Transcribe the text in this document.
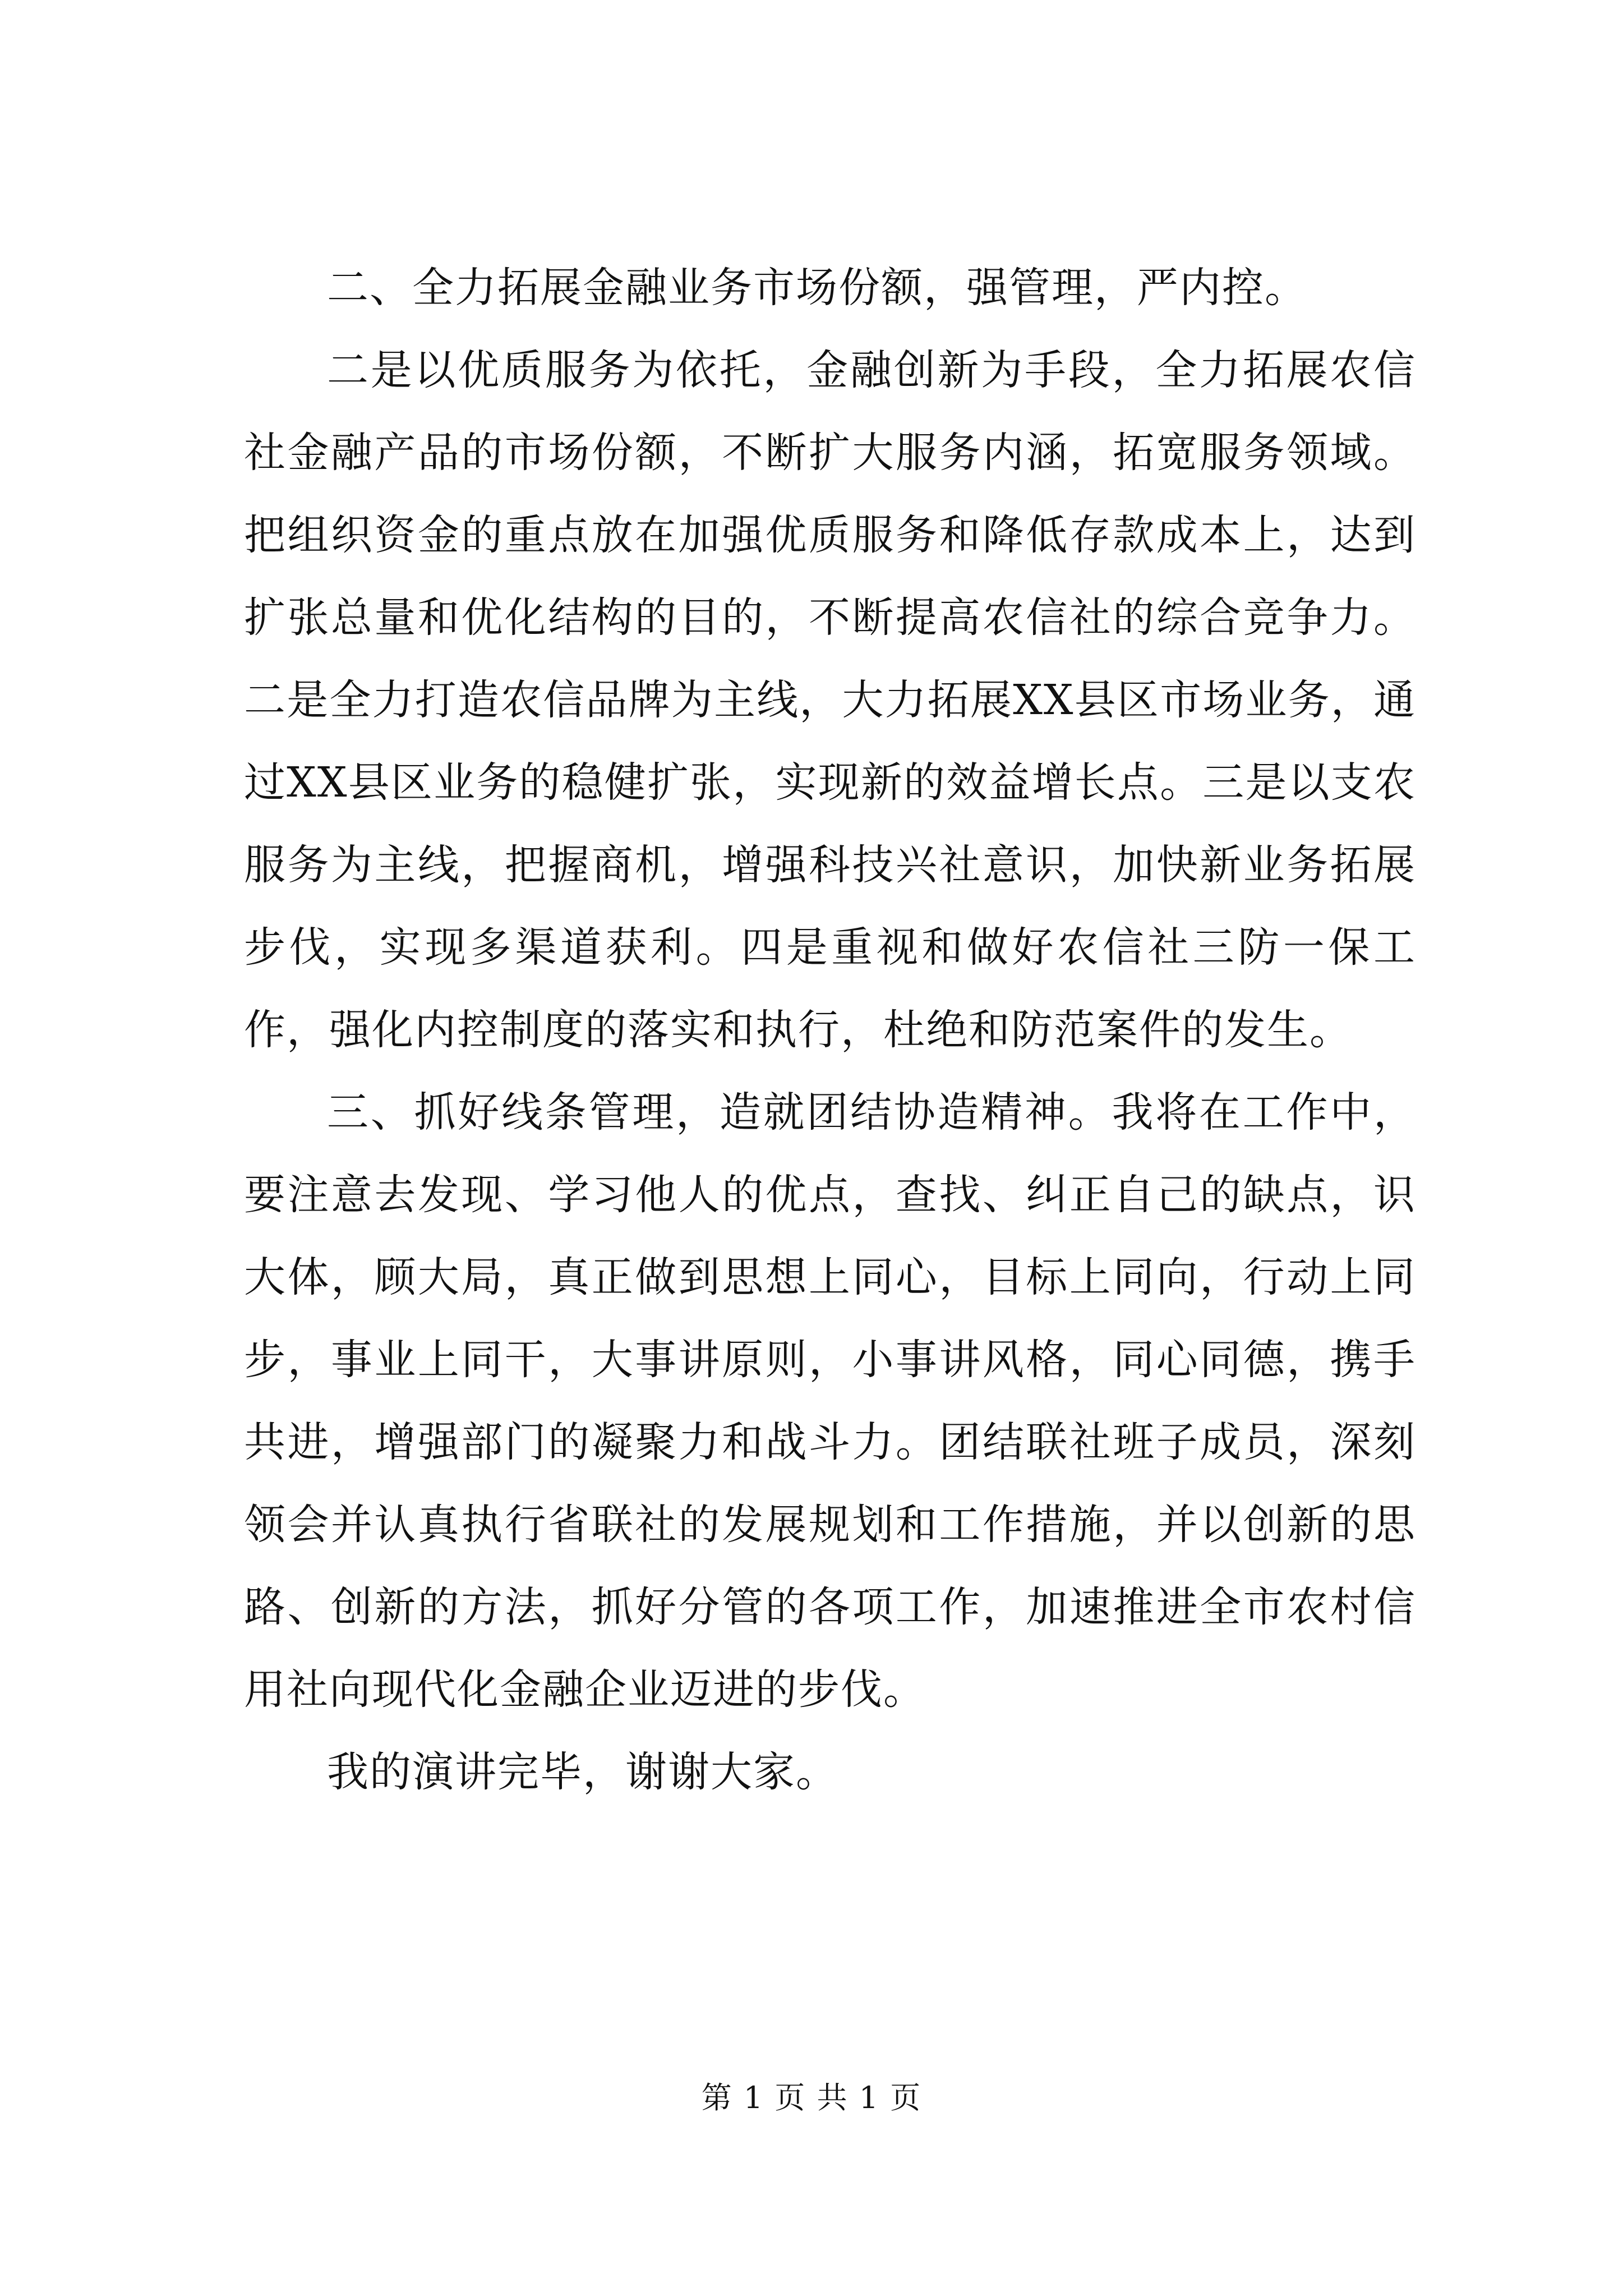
二、全力拓展金融业务市场份额，强管理，严内控。

二是以优质服务为依托，金融创新为手段，全力拓展农信社金融产品的市场份额，不断扩大服务内涵，拓宽服务领域。把组织资金的重点放在加强优质服务和降低存款成本上，达到扩张总量和优化结构的目的，不断提高农信社的综合竞争力。二是全力打造农信品牌为主线，大力拓展XX县区市场业务，通过XX县区业务的稳健扩张，实现新的效益增长点。三是以支农服务为主线，把握商机，增强科技兴社意识，加快新业务拓展步伐，实现多渠道获利。四是重视和做好农信社三防一保工作，强化内控制度的落实和执行，杜绝和防范案件的发生。

三、抓好线条管理，造就团结协造精神。我将在工作中，要注意去发现、学习他人的优点，查找、纠正自己的缺点，识大体，顾大局，真正做到思想上同心，目标上同向，行动上同步，事业上同干，大事讲原则，小事讲风格，同心同德，携手共进，增强部门的凝聚力和战斗力。团结联社班子成员，深刻领会并认真执行省联社的发展规划和工作措施，并以创新的思路、创新的方法，抓好分管的各项工作，加速推进全市农村信用社向现代化金融企业迈进的步伐。

我的演讲完毕，谢谢大家。

第 1 页 共 1 页
